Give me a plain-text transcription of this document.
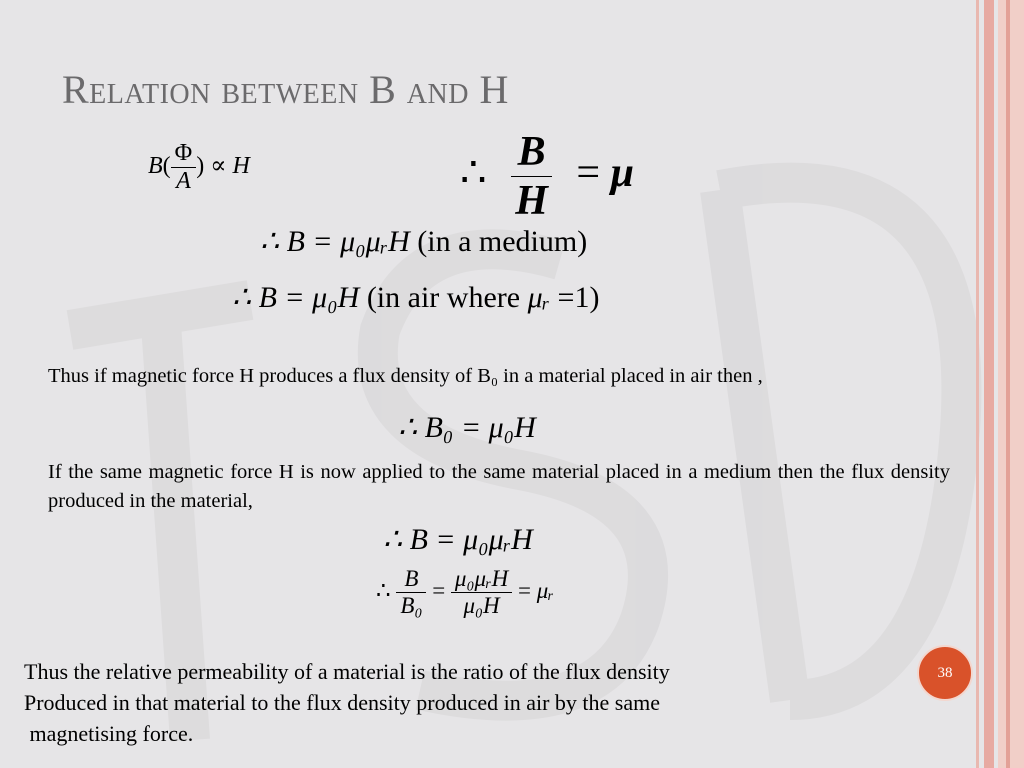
Relation between B and H
$B( \frac{\Phi}{A}$ ) ∝ H	∴ $\frac{B}{H} = \mu$
∴ B = μ₀μᵣH (in a medium)
∴ B = μ₀H (in air where μᵣ =1)
Thus if magnetic force H produces a flux density of B₀ in a material placed in air then ,
∴ B₀ = μ₀H
If the same magnetic force H is now applied to the same material placed in a medium then the flux density produced in the material,
∴ B = μ₀μᵣH
∴ $\frac{B}{\text{B₀}} = \frac{\text{μ₀μᵣH}}{\text{μ₀H}}$ = μᵣ
Thus the relative permeability of a material is the ratio of the flux density
Produced in that material to the flux density produced in air by the same
magnetising force.
38
